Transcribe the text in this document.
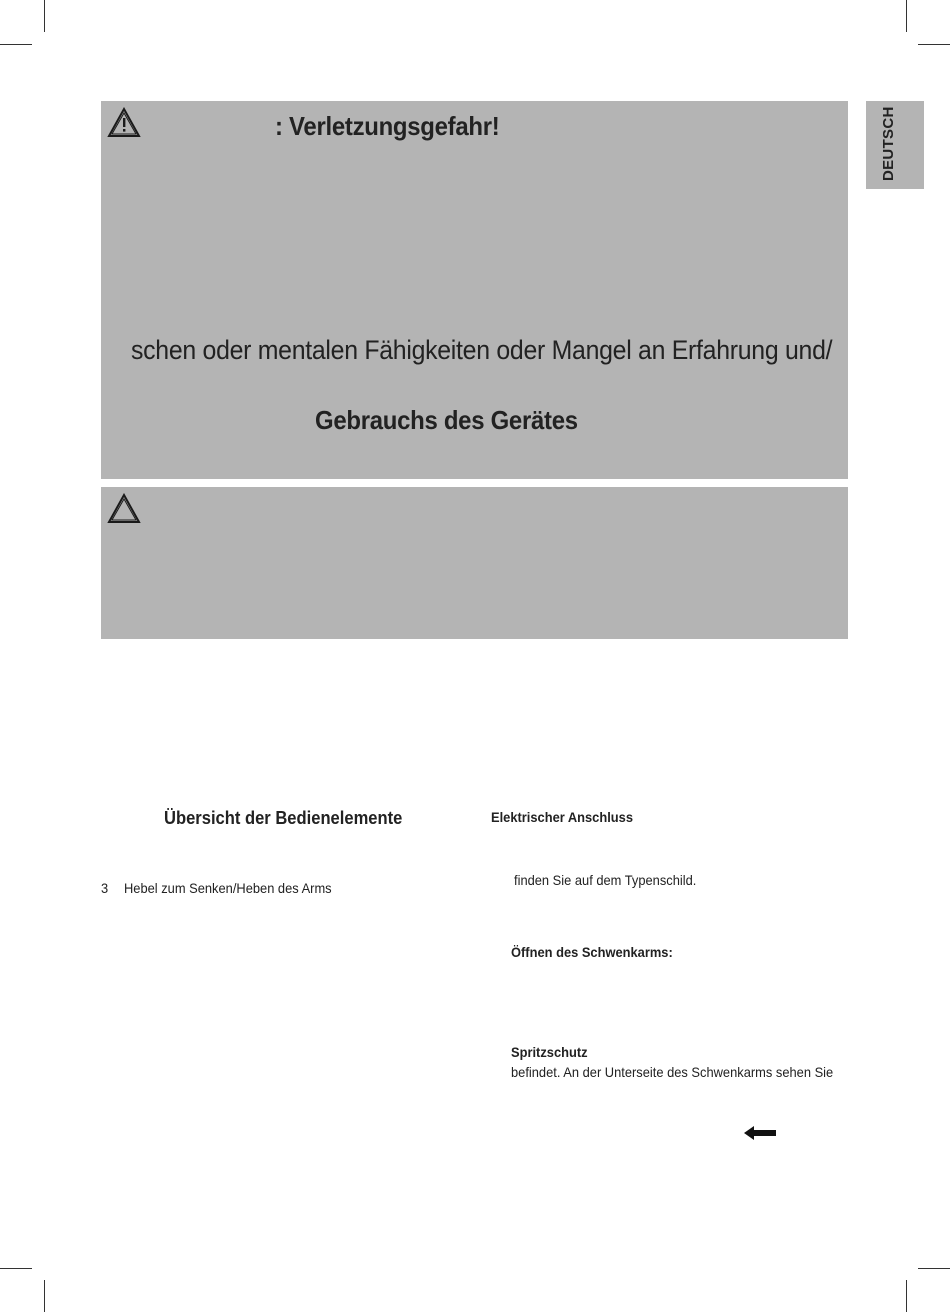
DEUTSCH
: Verletzungsgefahr!
schen oder mentalen Fähigkeiten oder Mangel an Erfahrung und/
Gebrauchs des Gerätes
Übersicht der Bedienelemente
3 Hebel zum Senken/Heben des Arms
Elektrischer Anschluss
finden Sie auf dem Typenschild.
Öffnen des Schwenkarms:
Spritzschutz
befindet. An der Unterseite des Schwenkarms sehen Sie
